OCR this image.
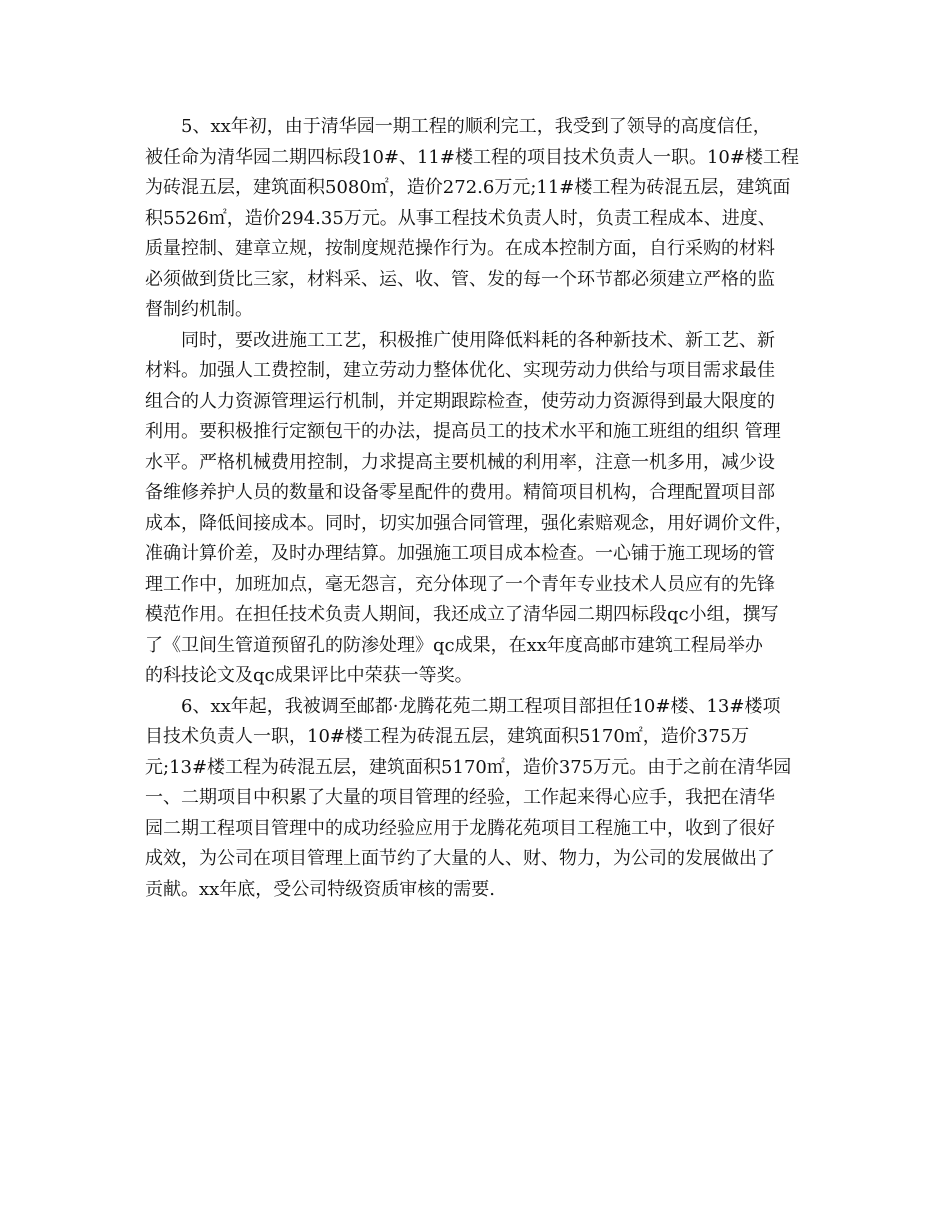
5、xx年初，由于清华园一期工程的顺利完工，我受到了领导的高度信任，
被任命为清华园二期四标段10#、11#楼工程的项目技术负责人一职。10#楼工程
为砖混五层，建筑面积5080㎡，造价272.6万元;11#楼工程为砖混五层，建筑面
积5526㎡，造价294.35万元。从事工程技术负责人时，负责工程成本、进度、
质量控制、建章立规，按制度规范操作行为。在成本控制方面，自行采购的材料
必须做到货比三家，材料采、运、收、管、发的每一个环节都必须建立严格的监
督制约机制。
同时，要改进施工工艺，积极推广使用降低料耗的各种新技术、新工艺、新
材料。加强人工费控制，建立劳动力整体优化、实现劳动力供给与项目需求最佳
组合的人力资源管理运行机制，并定期跟踪检查，使劳动力资源得到最大限度的
利用。要积极推行定额包干的办法，提高员工的技术水平和施工班组的组织 管理
水平。严格机械费用控制，力求提高主要机械的利用率，注意一机多用，减少设
备维修养护人员的数量和设备零星配件的费用。精简项目机构，合理配置项目部
成本，降低间接成本。同时，切实加强合同管理，强化索赔观念，用好调价文件，
准确计算价差，及时办理结算。加强施工项目成本检查。一心铺于施工现场的管
理工作中，加班加点，毫无怨言，充分体现了一个青年专业技术人员应有的先锋
模范作用。在担任技术负责人期间，我还成立了清华园二期四标段qc小组，撰写
了《卫间生管道预留孔的防渗处理》qc成果，在xx年度高邮市建筑工程局举办
的科技论文及qc成果评比中荣获一等奖。
6、xx年起，我被调至邮都·龙腾花苑二期工程项目部担任10#楼、13#楼项
目技术负责人一职，10#楼工程为砖混五层，建筑面积5170㎡，造价375万
元;13#楼工程为砖混五层，建筑面积5170㎡，造价375万元。由于之前在清华园
一、二期项目中积累了大量的项目管理的经验，工作起来得心应手，我把在清华
园二期工程项目管理中的成功经验应用于龙腾花苑项目工程施工中，收到了很好
成效，为公司在项目管理上面节约了大量的人、财、物力，为公司的发展做出了
贡献。xx年底，受公司特级资质审核的需要.
